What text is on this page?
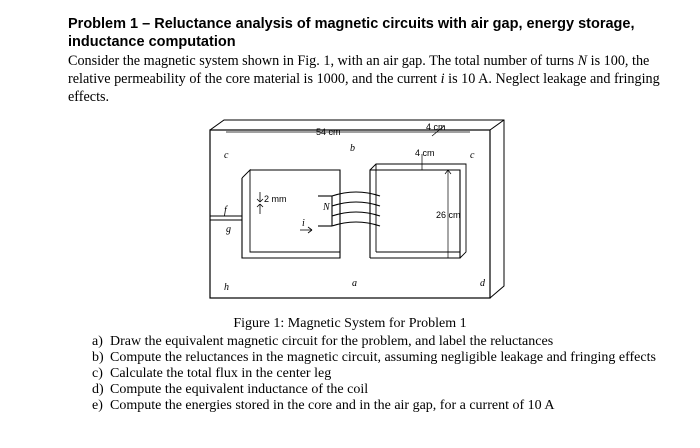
Problem 1 – Reluctance analysis of magnetic circuits with air gap, energy storage, inductance computation
Consider the magnetic system shown in Fig. 1, with an air gap. The total number of turns N is 100, the relative permeability of the core material is 1000, and the current i is 10 A. Neglect leakage and fringing effects.
54 cm	4 cm
4 cm
26 cm
2 mm
N
i
b
c	c
f
g
h	a	d
Figure 1: Magnetic System for Problem 1
a) Draw the equivalent magnetic circuit for the problem, and label the reluctances
b) Compute the reluctances in the magnetic circuit, assuming negligible leakage and fringing effects
c) Calculate the total flux in the center leg
d) Compute the equivalent inductance of the coil
e) Compute the energies stored in the core and in the air gap, for a current of 10 A
